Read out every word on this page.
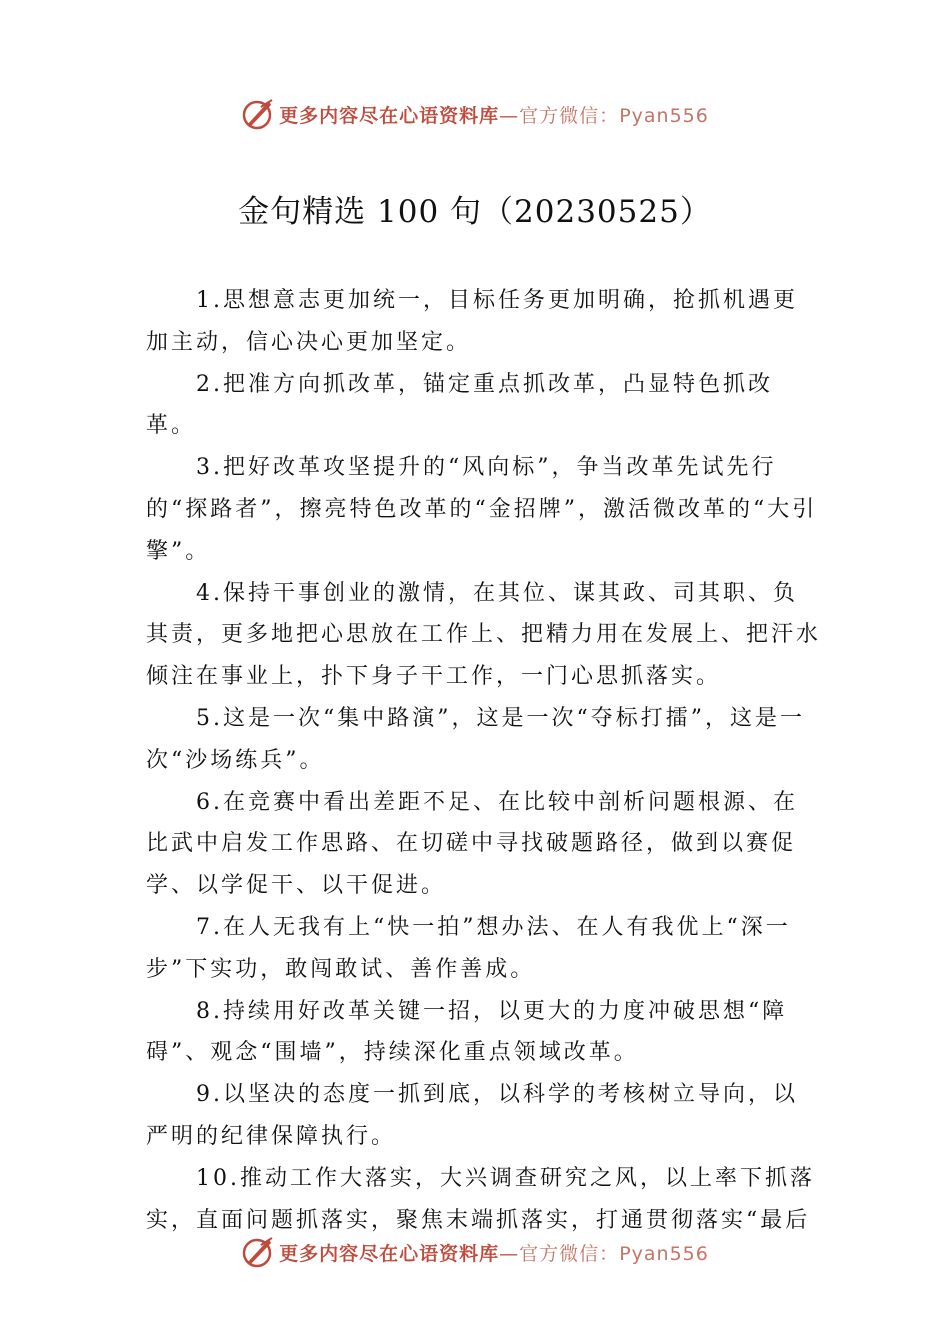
更多内容尽在心语资料库—官方微信：Pyan556
金句精选 100 句（20230525）

1.思想意志更加统一，目标任务更加明确，抢抓机遇更加主动，信心决心更加坚定。

2.把准方向抓改革，锚定重点抓改革，凸显特色抓改革。

3.把好改革攻坚提升的“风向标”，争当改革先试先行的“探路者”，擦亮特色改革的“金招牌”，激活微改革的“大引擎”。

4.保持干事创业的激情，在其位、谋其政、司其职、负其责，更多地把心思放在工作上、把精力用在发展上、把汗水倾注在事业上，扑下身子干工作，一门心思抓落实。

5.这是一次“集中路演”，这是一次“夺标打擂”，这是一次“沙场练兵”。

6.在竞赛中看出差距不足、在比较中剖析问题根源、在比武中启发工作思路、在切磋中寻找破题路径，做到以赛促学、以学促干、以干促进。

7.在人无我有上“快一拍”想办法、在人有我优上“深一步”下实功，敢闯敢试、善作善成。

8.持续用好改革关键一招，以更大的力度冲破思想“障碍”、观念“围墙”，持续深化重点领域改革。

9.以坚决的态度一抓到底，以科学的考核树立导向，以严明的纪律保障执行。

10.推动工作大落实，大兴调查研究之风，以上率下抓落实，直面问题抓落实，聚焦末端抓落实，打通贯彻落实“最后

更多内容尽在心语资料库—官方微信：Pyan556
